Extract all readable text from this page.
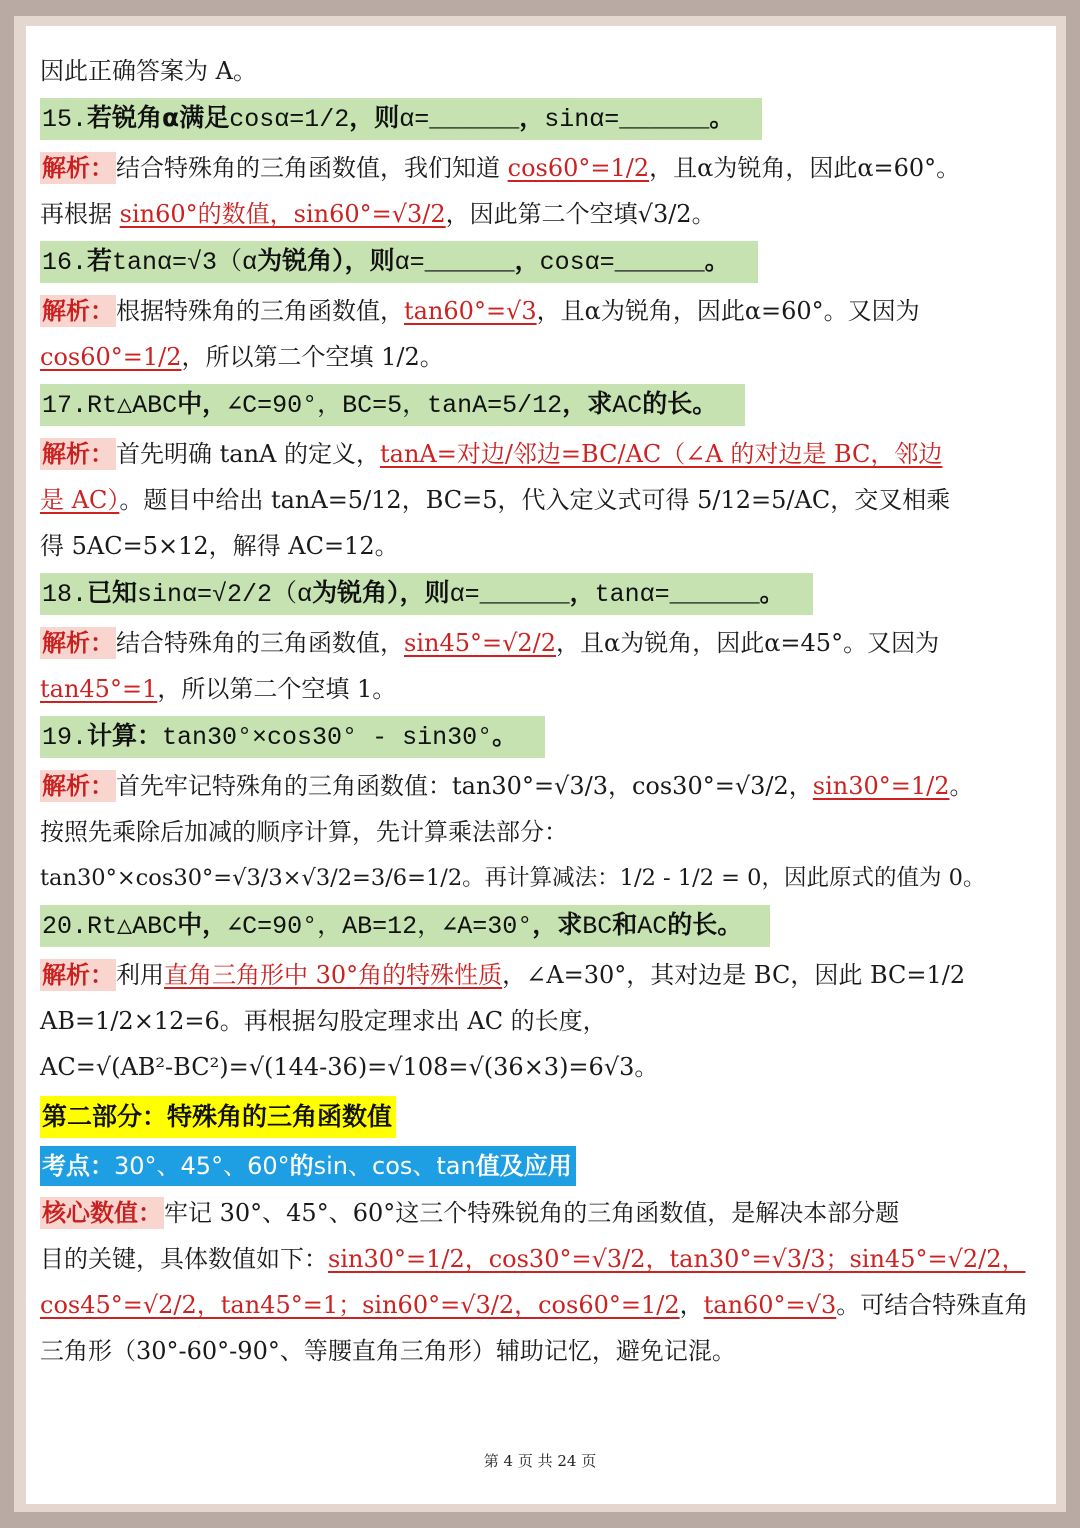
因此正确答案为 A。
15.若锐角α满足cosα=1/2，则α=______，sinα=______。
解析：结合特殊角的三角函数值，我们知道 cos60°=1/2，且α为锐角，因此α=60°。
再根据 sin60°的数值，sin60°=√3/2，因此第二个空填√3/2。
16.若tanα=√3（α为锐角），则α=______，cosα=______。
解析：根据特殊角的三角函数值，tan60°=√3，且α为锐角，因此α=60°。又因为
cos60°=1/2，所以第二个空填 1/2。
17.Rt△ABC中，∠C=90°，BC=5，tanA=5/12，求AC的长。
解析：首先明确 tanA 的定义，tanA=对边/邻边=BC/AC（∠A 的对边是 BC，邻边
是 AC）。题目中给出 tanA=5/12，BC=5，代入定义式可得 5/12=5/AC，交叉相乘
得 5AC=5×12，解得 AC=12。
18.已知sinα=√2/2（α为锐角），则α=______，tanα=______。
解析：结合特殊角的三角函数值，sin45°=√2/2，且α为锐角，因此α=45°。又因为
tan45°=1，所以第二个空填 1。
19.计算：tan30°×cos30° - sin30°。
解析：首先牢记特殊角的三角函数值：tan30°=√3/3，cos30°=√3/2，sin30°=1/2。
按照先乘除后加减的顺序计算，先计算乘法部分：
tan30°×cos30°=√3/3×√3/2=3/6=1/2。再计算减法：1/2 - 1/2 = 0，因此原式的值为 0。
20.Rt△ABC中，∠C=90°，AB=12，∠A=30°，求BC和AC的长。
解析：利用直角三角形中 30°角的特殊性质，∠A=30°，其对边是 BC，因此 BC=1/2
AB=1/2×12=6。再根据勾股定理求出 AC 的长度，
AC=√(AB²-BC²)=√(144-36)=√108=√(36×3)=6√3。
第二部分：特殊角的三角函数值
考点：30°、45°、60°的sin、cos、tan值及应用
核心数值：牢记 30°、45°、60°这三个特殊锐角的三角函数值，是解决本部分题
目的关键，具体数值如下：sin30°=1/2，cos30°=√3/2，tan30°=√3/3；sin45°=√2/2，
cos45°=√2/2，tan45°=1；sin60°=√3/2，cos60°=1/2，tan60°=√3。可结合特殊直角
三角形（30°-60°-90°、等腰直角三角形）辅助记忆，避免记混。
第 4 页 共 24 页
